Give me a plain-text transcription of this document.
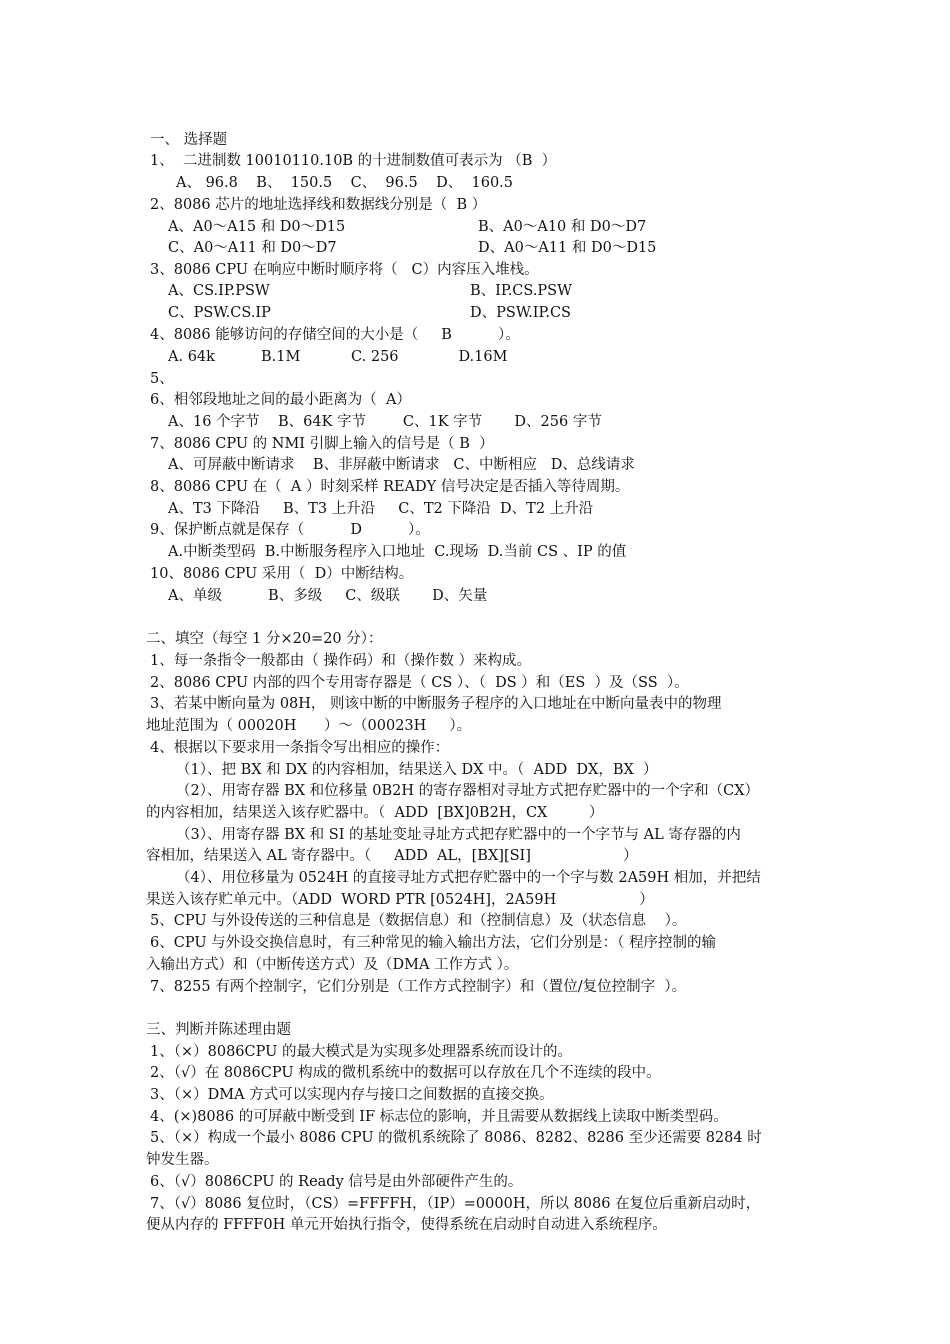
一、 选择题
1、  二进制数 10010110.10B 的十进制数值可表示为 （B  ）
A、 96.8    B、  150.5    C、  96.5    D、  160.5
2、8086 芯片的地址选择线和数据线分别是（  B ）
A、A0～A15 和 D0～D15	B、A0～A10 和 D0～D7
C、A0～A11 和 D0～D7	D、A0～A11 和 D0～D15
3、8086 CPU 在响应中断时顺序将（   C）内容压入堆栈。
A、CS.IP.PSW	B、IP.CS.PSW
C、PSW.CS.IP	D、PSW.IP.CS
4、8086 能够访问的存储空间的大小是（     B          ）。
A. 64k          B.1M           C. 256             D.16M
5、
6、相邻段地址之间的最小距离为（  A）
A、16 个字节    B、64K 字节        C、1K 字节       D、256 字节
7、8086 CPU 的 NMI 引脚上输入的信号是（ B  ）
A、可屏蔽中断请求    B、非屏蔽中断请求   C、中断相应   D、总线请求
8、8086 CPU 在（  A ）时刻采样 READY 信号决定是否插入等待周期。
A、T3 下降沿     B、T3 上升沿     C、T2 下降沿  D、T2 上升沿
9、保护断点就是保存（          D          ）。
A.中断类型码  B.中断服务程序入口地址  C.现场  D.当前 CS 、IP 的值
10、8086 CPU 采用（  D）中断结构。
A、单级          B、多级     C、级联       D、矢量
二、填空（每空 1 分×20=20 分）：
1、每一条指令一般都由（ 操作码）和（操作数 ）来构成。
2、8086 CPU 内部的四个专用寄存器是（ CS ）、（  DS ）和（ES  ）及（SS  ）。
3、若某中断向量为 08H， 则该中断的中断服务子程序的入口地址在中断向量表中的物理
地址范围为（ 00020H      ）～（00023H     ）。
4、根据以下要求用一条指令写出相应的操作：
（1）、把 BX 和 DX 的内容相加，结果送入 DX 中。（  ADD  DX，BX  ）
（2）、用寄存器 BX 和位移量 0B2H 的寄存器相对寻址方式把存贮器中的一个字和（CX）
的内容相加，结果送入该存贮器中。（  ADD  [BX]0B2H，CX         ）
（3）、用寄存器 BX 和 SI 的基址变址寻址方式把存贮器中的一个字节与 AL 寄存器的内
容相加，结果送入 AL 寄存器中。（     ADD  AL，[BX][SI]                    ）
（4）、用位移量为 0524H 的直接寻址方式把存贮器中的一个字与数 2A59H 相加，并把结
果送入该存贮单元中。（ADD  WORD PTR [0524H]，2A59H                  ）
5、CPU 与外设传送的三种信息是（数据信息）和（控制信息）及（状态信息    ）。
6、CPU 与外设交换信息时，有三种常见的输入输出方法，它们分别是：（ 程序控制的输
入输出方式）和（中断传送方式）及（DMA 工作方式 ）。
7、8255 有两个控制字，它们分别是（工作方式控制字）和（置位/复位控制字  ）。
三、判断并陈述理由题
1、（×）8086CPU 的最大模式是为实现多处理器系统而设计的。
2、（√）在 8086CPU 构成的微机系统中的数据可以存放在几个不连续的段中。
3、（×）DMA 方式可以实现内存与接口之间数据的直接交换。
4、(×)8086 的可屏蔽中断受到 IF 标志位的影响，并且需要从数据线上读取中断类型码。
5、（×）构成一个最小 8086 CPU 的微机系统除了 8086、8282、8286 至少还需要 8284 时
钟发生器。
6、（√）8086CPU 的 Ready 信号是由外部硬件产生的。
7、（√）8086 复位时，（CS）=FFFFH，（IP）=0000H，所以 8086 在复位后重新启动时，
便从内存的 FFFF0H 单元开始执行指令，使得系统在启动时自动进入系统程序。
